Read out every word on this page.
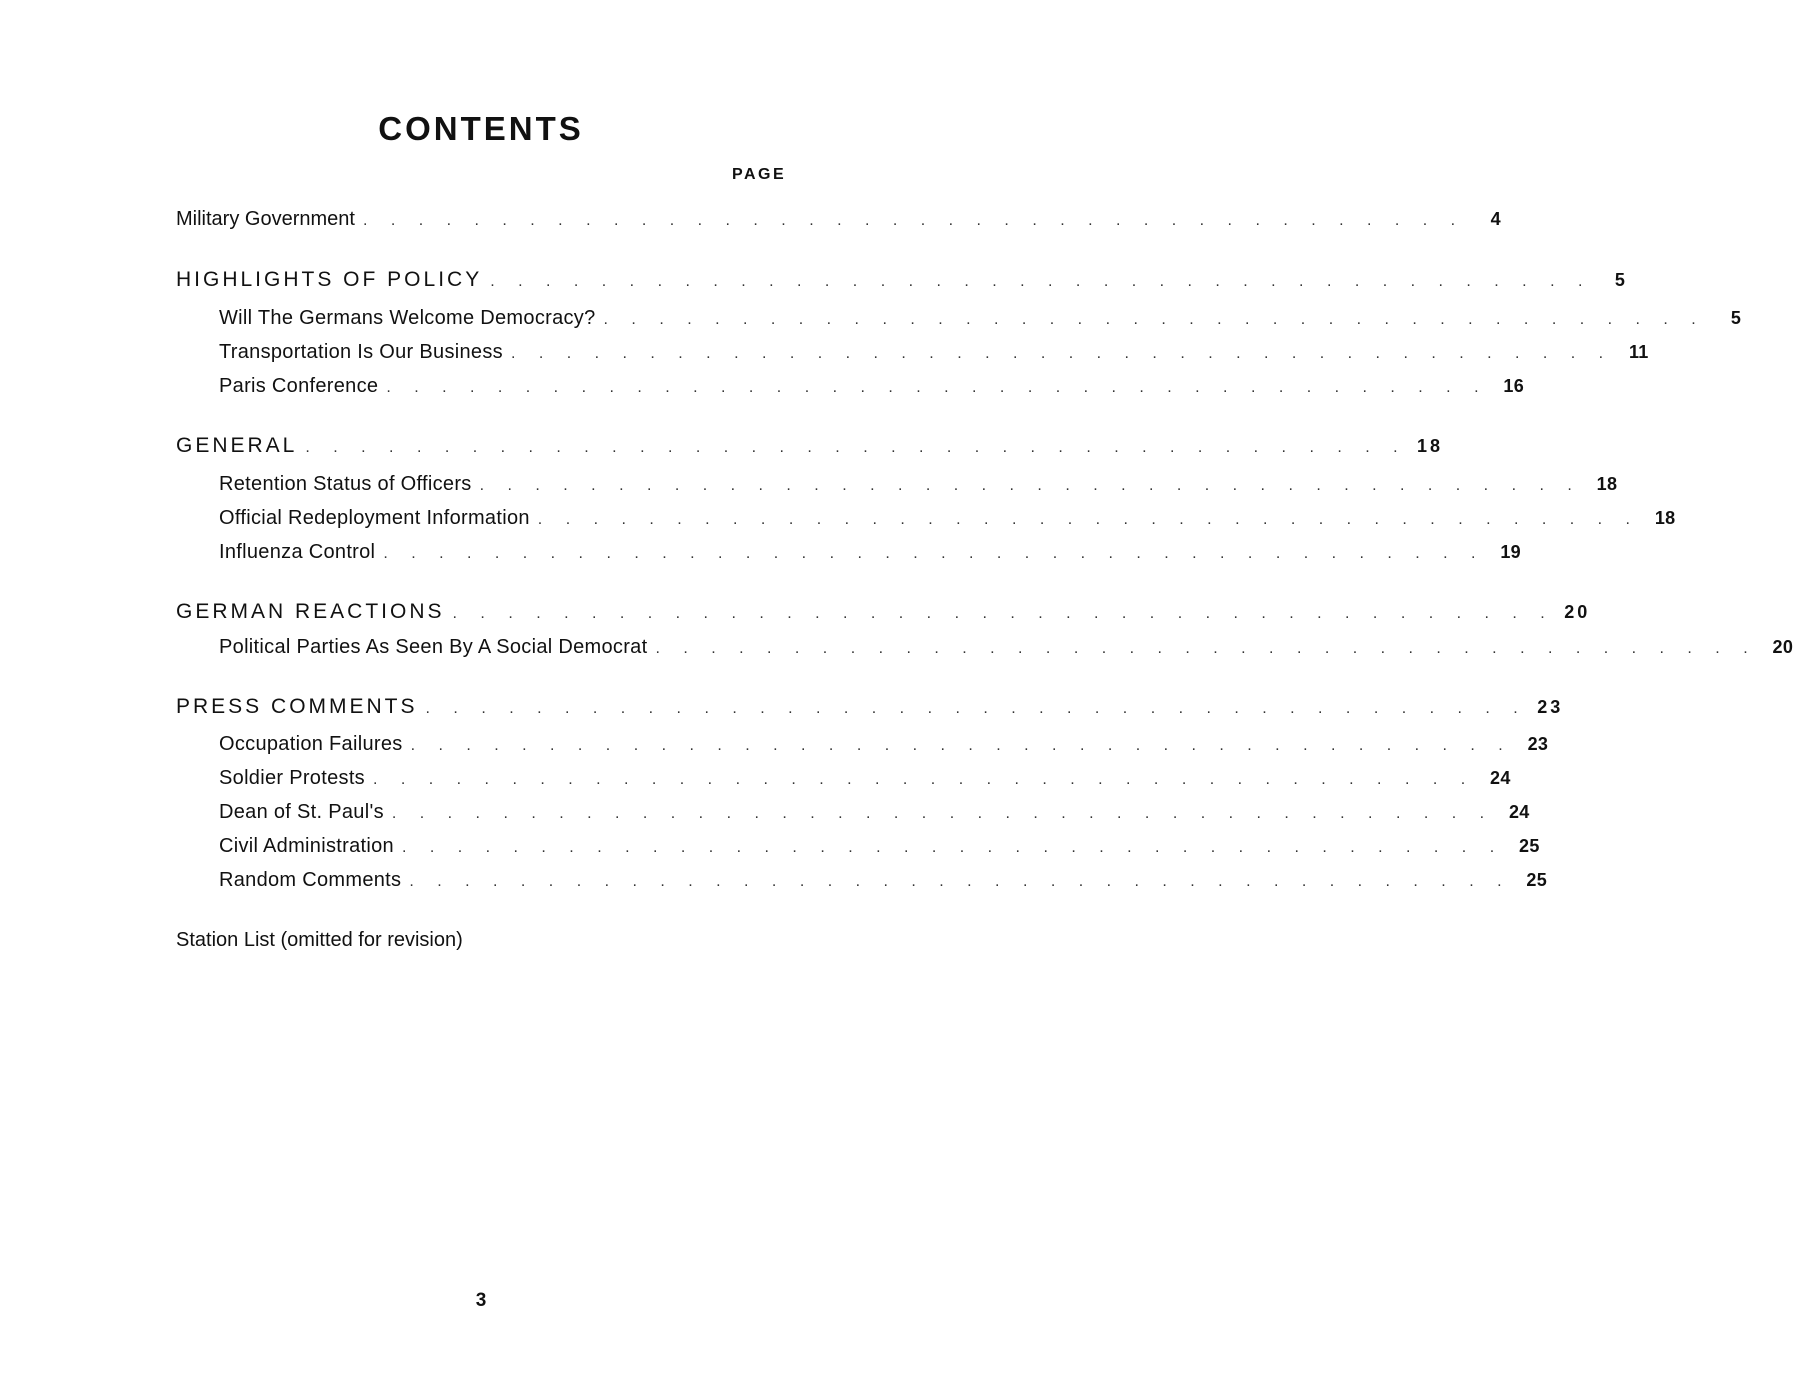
CONTENTS
PAGE
Military Government . . . . . . . . . . . . . . . . . . . . . . . . . . . . . . . . . . . . . . . .	4
HIGHLIGHTS OF POLICY . . . . . . . . . . . . . . . . . . . . . . . . . . . . . . . . . . . . . . . .	5
Will The Germans Welcome Democracy? . . . . . . . . . . . . . . . . . . . . . . . . . . . . . . . . . . . . . . . .	5
Transportation Is Our Business . . . . . . . . . . . . . . . . . . . . . . . . . . . . . . . . . . . . . . . . 11
Paris Conference . . . . . . . . . . . . . . . . . . . . . . . . . . . . . . . . . . . . . . . . 16
GENERAL . . . . . . . . . . . . . . . . . . . . . . . . . . . . . . . . . . . . . . . . 18
Retention Status of Officers . . . . . . . . . . . . . . . . . . . . . . . . . . . . . . . . . . . . . . . . 18
Official Redeployment Information . . . . . . . . . . . . . . . . . . . . . . . . . . . . . . . . . . . . . . . . 18
Influenza Control . . . . . . . . . . . . . . . . . . . . . . . . . . . . . . . . . . . . . . . . 19
GERMAN REACTIONS . . . . . . . . . . . . . . . . . . . . . . . . . . . . . . . . . . . . . . . . 20
Political Parties As Seen By A Social Democrat . . . . . . . . . . . . . . . . . . . . . . . . . . . . . . . . . . . . . . . . 20
PRESS COMMENTS . . . . . . . . . . . . . . . . . . . . . . . . . . . . . . . . . . . . . . . . 23
Occupation Failures . . . . . . . . . . . . . . . . . . . . . . . . . . . . . . . . . . . . . . . . 23
Soldier Protests . . . . . . . . . . . . . . . . . . . . . . . . . . . . . . . . . . . . . . . . 24
Dean of St. Paul's . . . . . . . . . . . . . . . . . . . . . . . . . . . . . . . . . . . . . . . . 24
Civil Administration . . . . . . . . . . . . . . . . . . . . . . . . . . . . . . . . . . . . . . . . 25
Random Comments . . . . . . . . . . . . . . . . . . . . . . . . . . . . . . . . . . . . . . . . 25
Station List (omitted for revision)
3
